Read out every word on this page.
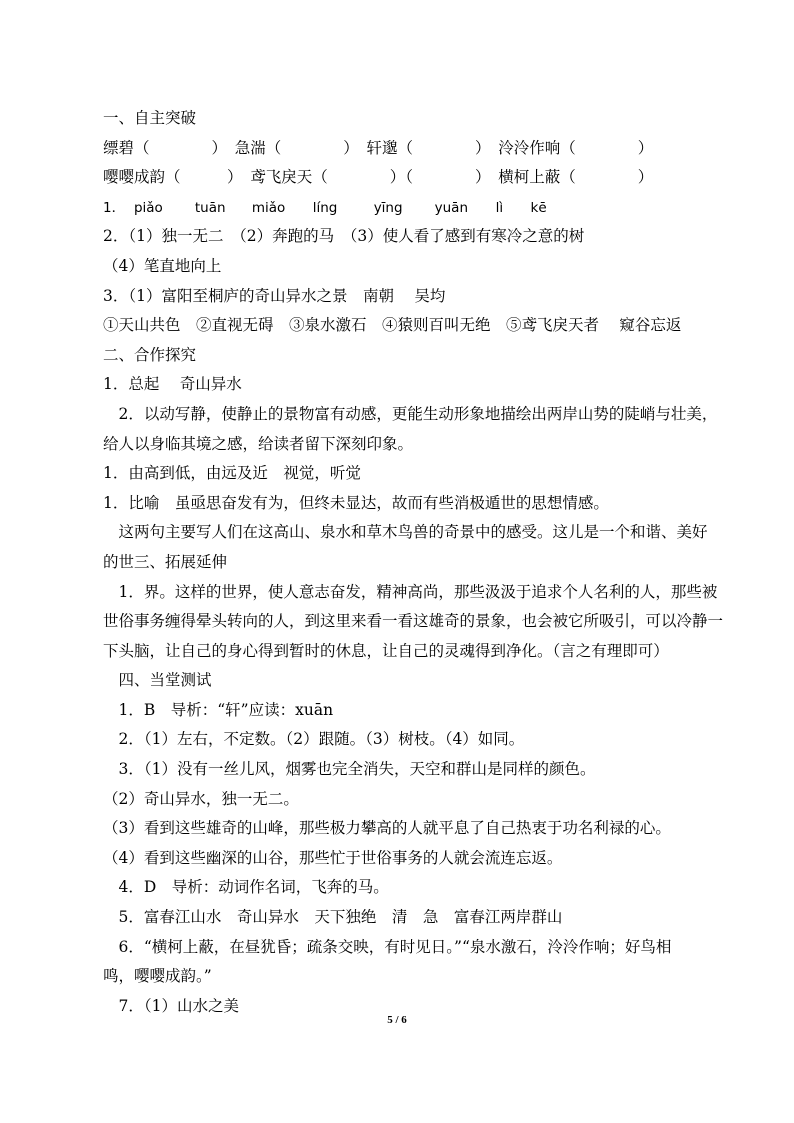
一、自主突破
缥碧（　　　　）　急湍（　　　　）　轩邈（　　　　）　泠泠作响（　　　　）
嘤嘤成韵（　　　）　鸢飞戾天（　　　　）（　　　　）　横柯上蔽（　　　　）
1． piǎo tuān miǎo líng	yīng yuān lì kē
2．（1）独一无二　（2）奔跑的马　（3）使人看了感到有寒冷之意的树
（4）笔直地向上
3．（1）富阳至桐庐的奇山异水之景　南朝　 吴均
①天山共色　②直视无碍　③泉水激石　④猿则百叫无绝　⑤鸢飞戾天者　 窥谷忘返
二、合作探究
1．总起　 奇山异水
　2．以动写静，使静止的景物富有动感，更能生动形象地描绘出两岸山势的陡峭与壮美，
给人以身临其境之感，给读者留下深刻印象。
1．由高到低，由远及近　视觉，听觉
1．比喻　虽亟思奋发有为，但终未显达，故而有些消极遁世的思想情感。
　这两句主要写人们在这高山、泉水和草木鸟兽的奇景中的感受。这儿是一个和谐、美好
的世三、拓展延伸
　1．界。这样的世界，使人意志奋发，精神高尚，那些汲汲于追求个人名利的人，那些被
世俗事务缠得晕头转向的人，到这里来看一看这雄奇的景象，也会被它所吸引，可以冷静一
下头脑，让自己的身心得到暂时的休息，让自己的灵魂得到净化。（言之有理即可）
　四、当堂测试
　1．B　导析：“轩”应读：xuān
　2．（1）左右，不定数。（2）跟随。（3）树枝。（4）如同。
　3．（1）没有一丝儿风，烟雾也完全消失，天空和群山是同样的颜色。
（2）奇山异水，独一无二。
（3）看到这些雄奇的山峰，那些极力攀高的人就平息了自己热衷于功名利禄的心。
（4）看到这些幽深的山谷，那些忙于世俗事务的人就会流连忘返。
　4．D　导析：动词作名词，飞奔的马。
　5．富春江山水　奇山异水　天下独绝　清　急　富春江两岸群山
　6．“横柯上蔽，在昼犹昏；疏条交映，有时见日。”“泉水激石，泠泠作响；好鸟相
鸣，嘤嘤成韵。”
　7．（1）山水之美
5 / 6
